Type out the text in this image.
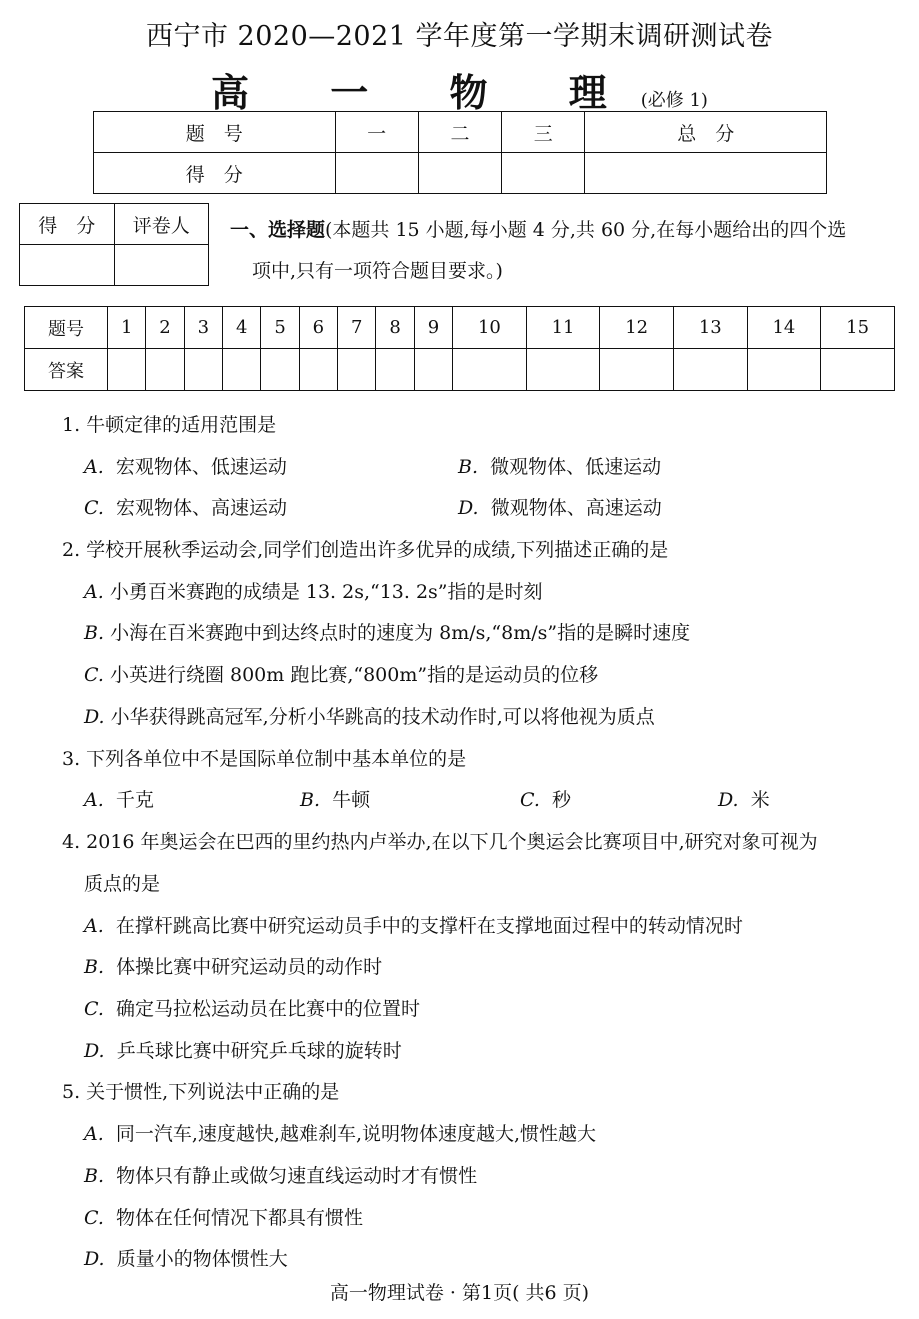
西宁市 2020—2021 学年度第一学期末调研测试卷
高 一 物 理(必修 1)
题　号	一	二	三	总　分
得　分				
得　分	评卷人
	一、选择题(本题共 15 小题,每小题 4 分,共 60 分,在每小题给出的四个选
项中,只有一项符合题目要求。)
题号	1	2	3	4	5	6	7	8	9	10	11	12	13	14	15
答案															
1. 牛顿定律的适用范围是
A. 宏观物体、低速运动	B. 微观物体、低速运动
C. 宏观物体、高速运动	D. 微观物体、高速运动
2. 学校开展秋季运动会,同学们创造出许多优异的成绩,下列描述正确的是
A. 小勇百米赛跑的成绩是 13. 2s,“13. 2s”指的是时刻
B. 小海在百米赛跑中到达终点时的速度为 8m/s,“8m/s”指的是瞬时速度
C. 小英进行绕圈 800m 跑比赛,“800m”指的是运动员的位移
D. 小华获得跳高冠军,分析小华跳高的技术动作时,可以将他视为质点
3. 下列各单位中不是国际单位制中基本单位的是
A. 千克	B. 牛顿	C. 秒	D. 米
4. 2016 年奥运会在巴西的里约热内卢举办,在以下几个奥运会比赛项目中,研究对象可视为
质点的是
A. 在撑杆跳高比赛中研究运动员手中的支撑杆在支撑地面过程中的转动情况时
B. 体操比赛中研究运动员的动作时
C. 确定马拉松运动员在比赛中的位置时
D. 乒乓球比赛中研究乒乓球的旋转时
5. 关于惯性,下列说法中正确的是
A. 同一汽车,速度越快,越难刹车,说明物体速度越大,惯性越大
B. 物体只有静止或做匀速直线运动时才有惯性
C. 物体在任何情况下都具有惯性
D. 质量小的物体惯性大
高一物理试卷 · 第1页( 共6 页)
